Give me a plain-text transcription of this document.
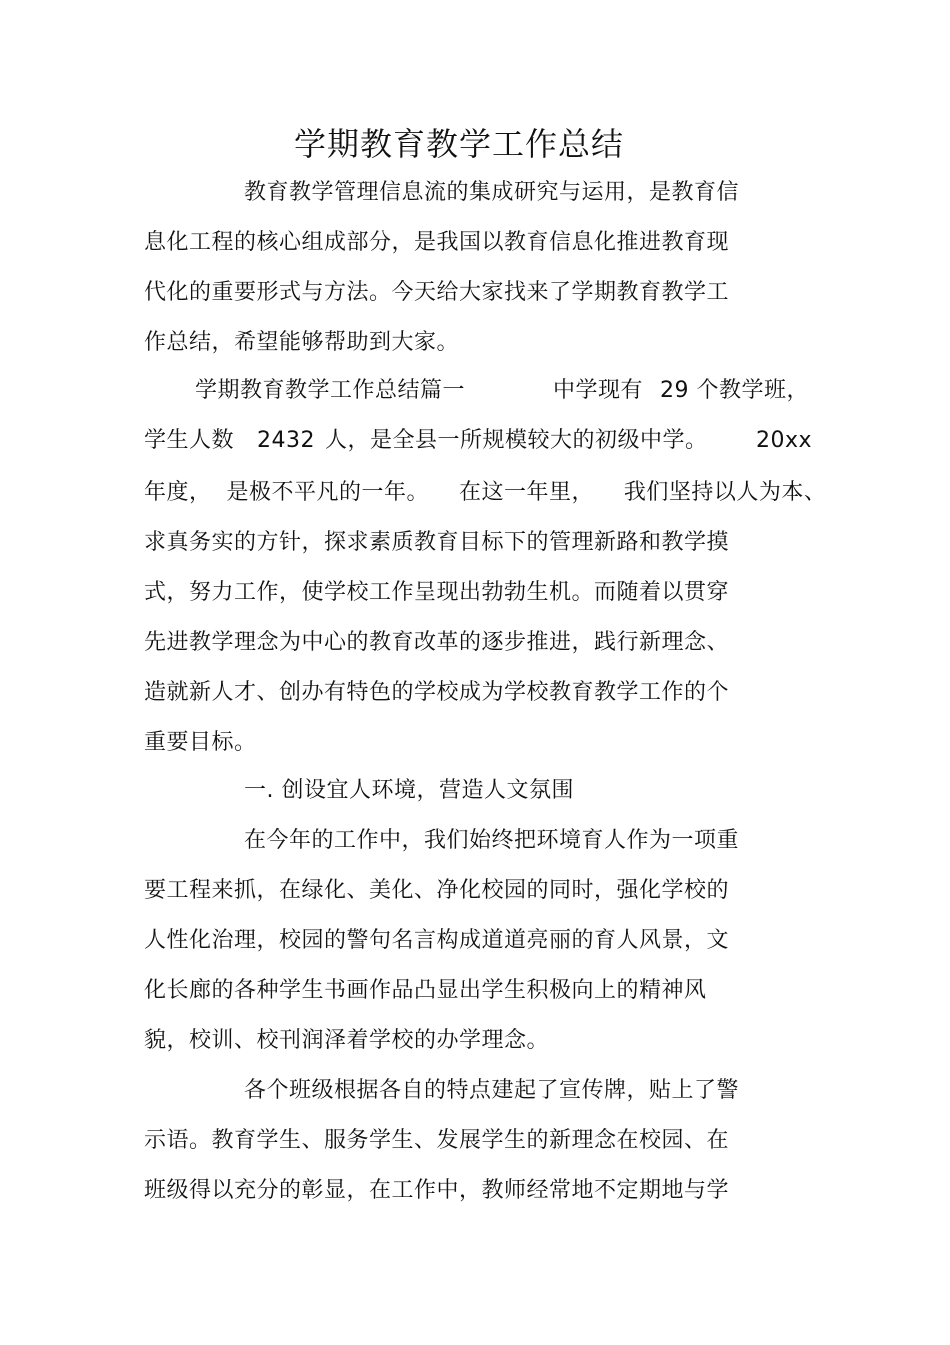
学期教育教学工作总结
教育教学管理信息流的集成研究与运用，是教育信
息化工程的核心组成部分，是我国以教育信息化推进教育现
代化的重要形式与方法。今天给大家找来了学期教育教学工
作总结，希望能够帮助到大家。
学期教育教学工作总结篇一	中学现有 29 个教学班，
学生人数 2432 人，是全县一所规模较大的初级中学。 20xx
年度，  是极不平凡的一年。    在这一年里，    我们坚持以人为本、
求真务实的方针，探求素质教育目标下的管理新路和教学摸
式，努力工作，使学校工作呈现出勃勃生机。而随着以贯穿
先进教学理念为中心的教育改革的逐步推进，践行新理念、
造就新人才、创办有特色的学校成为学校教育教学工作的个
重要目标。
一. 创设宜人环境，营造人文氛围
在今年的工作中，我们始终把环境育人作为一项重
要工程来抓，在绿化、美化、净化校园的同时，强化学校的
人性化治理，校园的警句名言构成道道亮丽的育人风景，文
化长廊的各种学生书画作品凸显出学生积极向上的精神风
貌，校训、校刊润泽着学校的办学理念。
各个班级根据各自的特点建起了宣传牌，贴上了警
示语。教育学生、服务学生、发展学生的新理念在校园、在
班级得以充分的彰显，在工作中，教师经常地不定期地与学
